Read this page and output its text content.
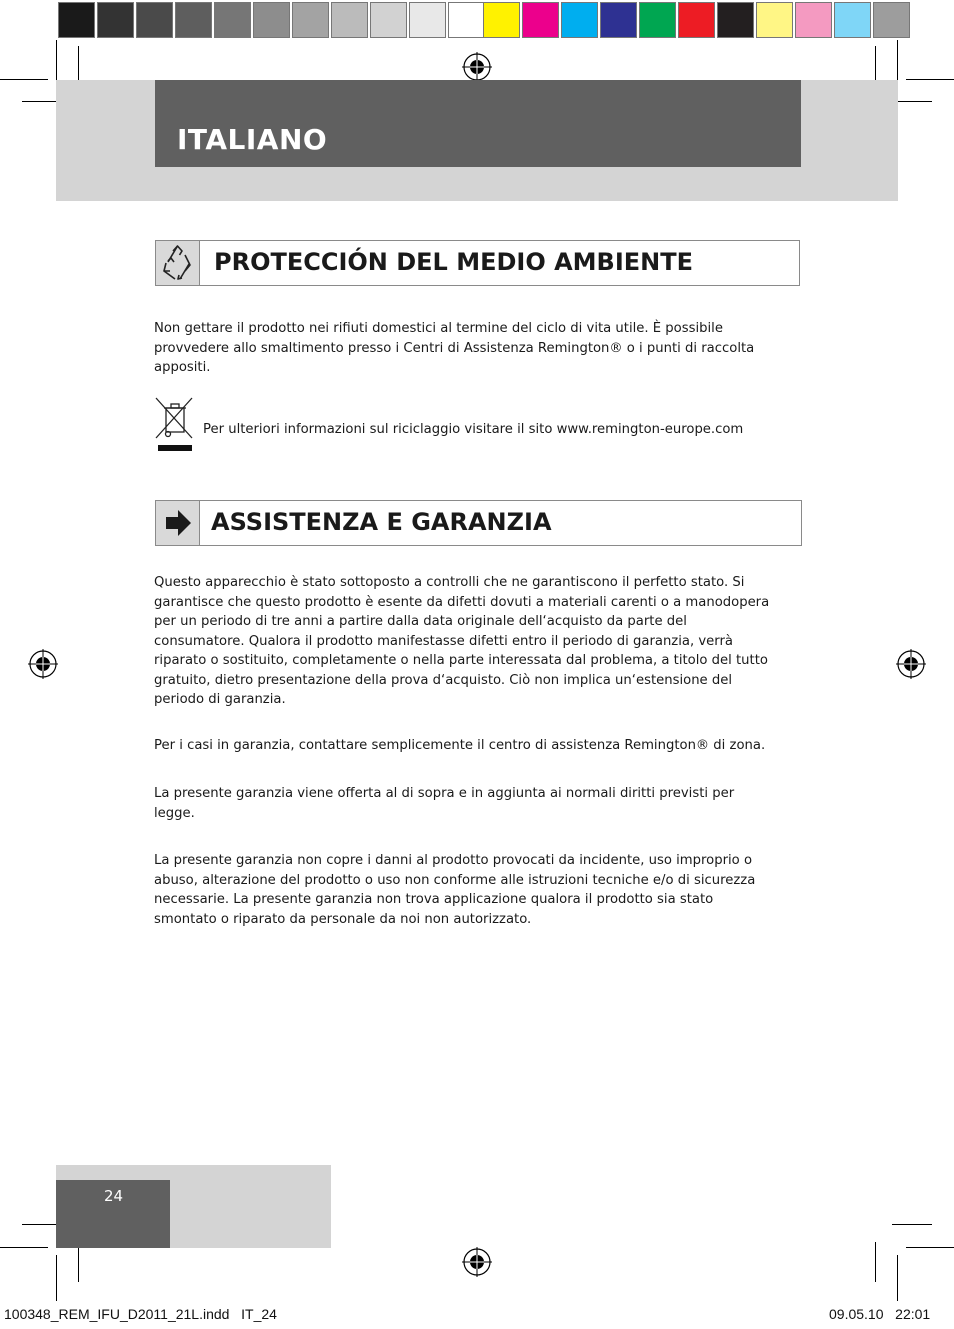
ITALIANO
PROTECCIÓN DEL MEDIO AMBIENTE
Non gettare il prodotto nei rifiuti domestici al termine del ciclo di vita utile. È possibile provvedere allo smaltimento presso i Centri di Assistenza Remington® o i punti di raccolta appositi.
Per ulteriori informazioni sul riciclaggio visitare il sito www.remington-europe.com
ASSISTENZA E GARANZIA
Questo apparecchio è stato sottoposto a controlli che ne garantiscono il perfetto stato. Si garantisce che questo prodotto è esente da difetti dovuti a materiali carenti o a manodopera per un periodo di tre anni a partire dalla data originale dell‘acquisto da parte del consumatore. Qualora il prodotto manifestasse difetti entro il periodo di garanzia, verrà riparato o sostituito, completamente o nella parte interessata dal problema, a titolo del tutto gratuito, dietro presentazione della prova d‘acquisto. Ciò non implica un‘estensione del periodo di garanzia.
Per i casi in garanzia, contattare semplicemente il centro di assistenza Remington® di zona.
La presente garanzia viene offerta al di sopra e in aggiunta ai normali diritti previsti per legge.
La presente garanzia non copre i danni al prodotto provocati da incidente, uso improprio o abuso, alterazione del prodotto o uso non conforme alle istruzioni tecniche e/o di sicurezza necessarie. La presente garanzia non trova applicazione qualora il prodotto sia stato smontato o riparato da personale da noi non autorizzato.
24
100348_REM_IFU_D2011_21L.indd   IT_24	09.05.10   22:01
